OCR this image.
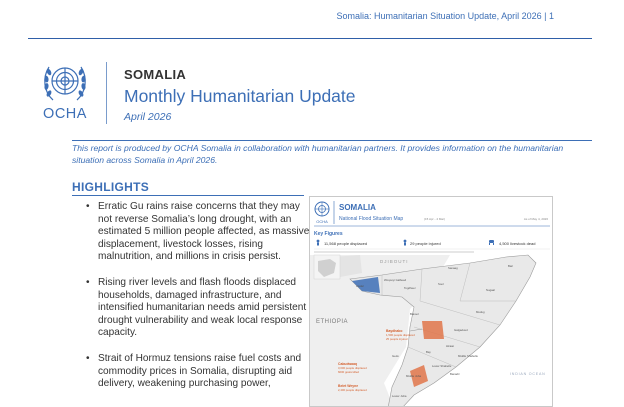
Somalia: Humanitarian Situation Update, April 2026 | 1
OCHA
SOMALIA
Monthly Humanitarian Update
April 2026

This report is produced by OCHA Somalia in collaboration with humanitarian partners. It provides information on the humanitarian situation across Somalia in April 2026.

HIGHLIGHTS
• Erratic Gu rains raise concerns that they may not reverse Somalia’s long drought, with an estimated 5 million people affected, as massive displacement, livestock losses, rising malnutrition, and millions in crisis persist.
• Rising river levels and flash floods displaced households, damaged infrastructure, and intensified humanitarian needs amid persistent drought vulnerability and weak local response capacity.
• Strait of Hormuz tensions raise fuel costs and commodity prices in Somalia, disrupting aid delivery, weakening purchasing power,
OCHA
SOMALIA
National Flood Situation Map	(15 Apr - 4 Mar)	As of May 4, 2026
Key Figures
11,568 people displaced	29 people injured	4,500 livestock dead
DJIBOUTI
ETHIOPIA
Awdal
Woqooyi Galbeed
Togdheer
Sanaag	Bari
Sool
Nugaal
Mudug
Galgaduud
Hiraan
Bakool
Gedo
Bay
Middle Shabelle
Lower Shabelle
Middle Juba
Lower Juba
Banadir
Baydhabo
1,500 people displaced
25 people injured
Cabudwaaq
3,000 people displaced
6000 goats killed
Belet Weyne
2,400 people displaced
INDIAN OCEAN
